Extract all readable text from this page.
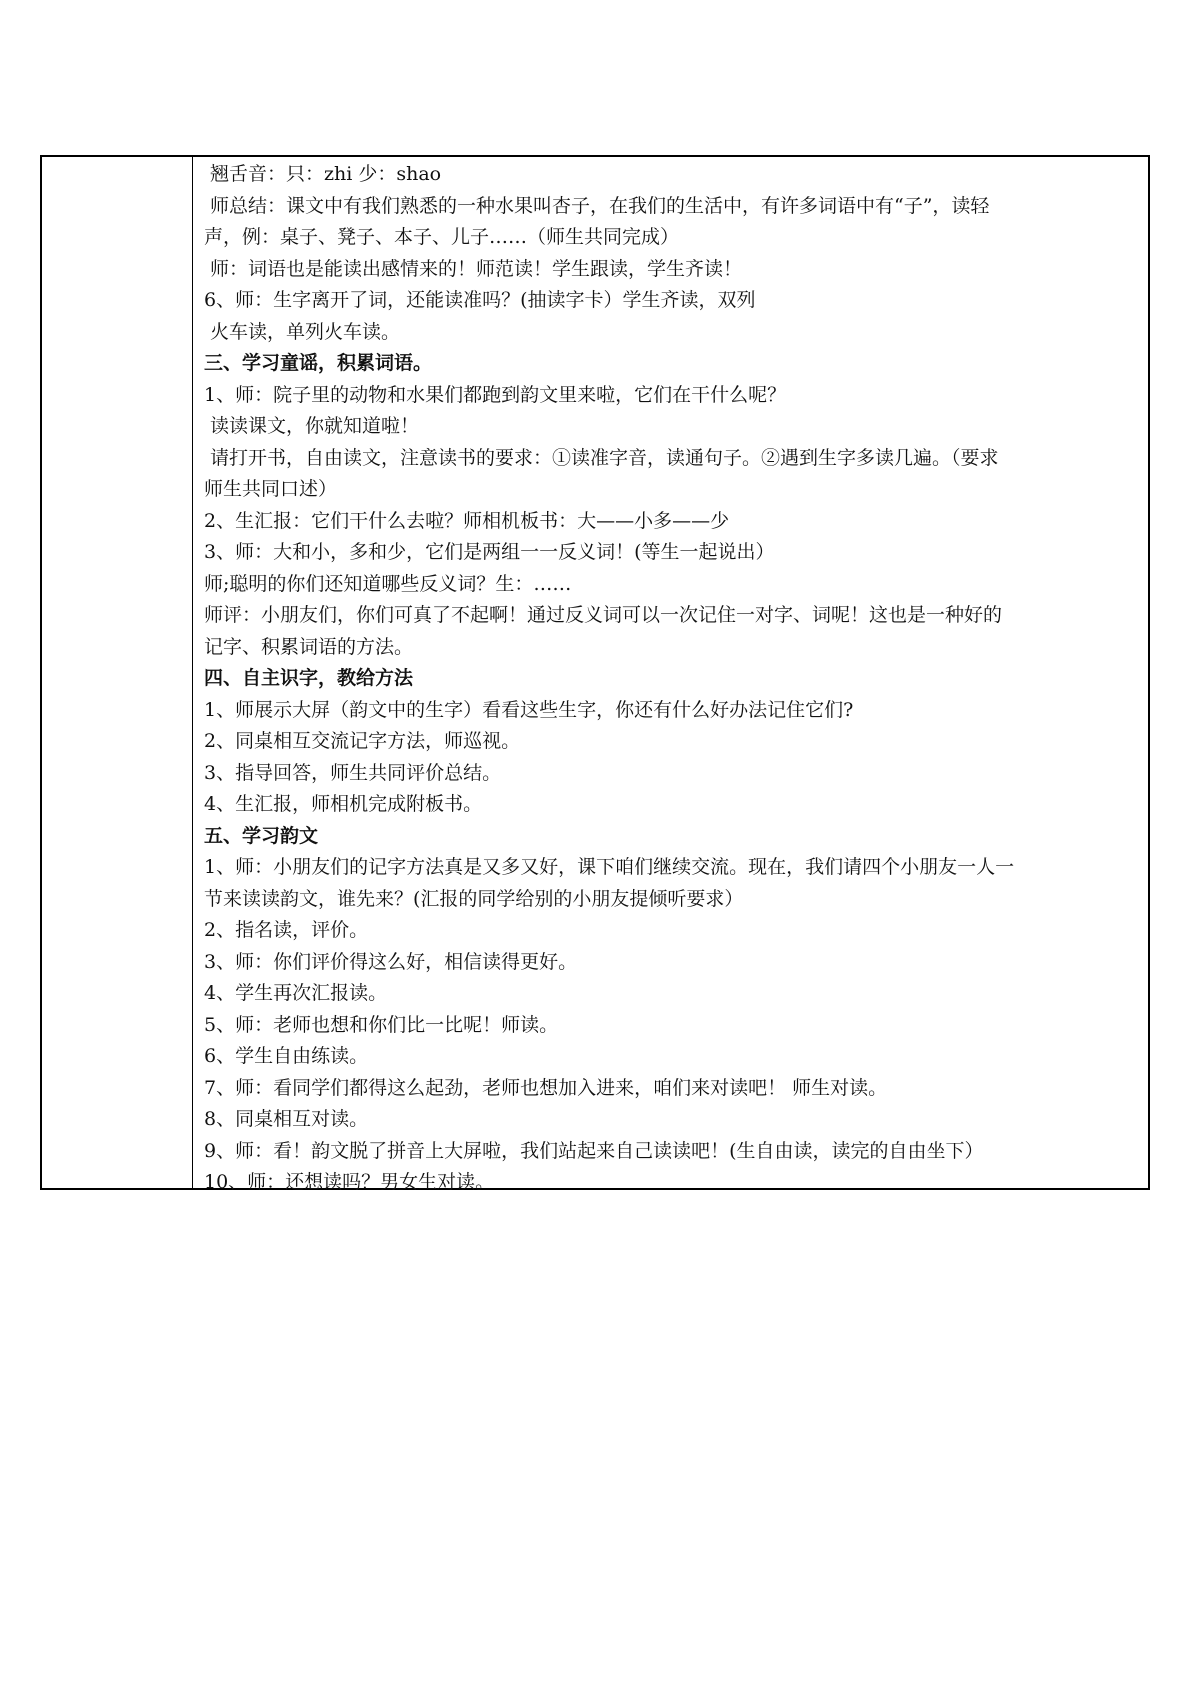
翘舌音：只：zhi 少：shao
师总结：课文中有我们熟悉的一种水果叫杏子，在我们的生活中，有许多词语中有“子”，读轻
声，例：桌子、凳子、本子、儿子……（师生共同完成）
师：词语也是能读出感情来的！师范读！学生跟读，学生齐读！
6、师：生字离开了词，还能读准吗？(抽读字卡）学生齐读，双列
火车读，单列火车读。
三、学习童谣，积累词语。
1、师：院子里的动物和水果们都跑到韵文里来啦，它们在干什么呢？
读读课文，你就知道啦！
请打开书，自由读文，注意读书的要求：①读准字音，读通句子。②遇到生字多读几遍。（要求
师生共同口述）
2、生汇报：它们干什么去啦？师相机板书：大——小多——少
3、师：大和小，多和少，它们是两组一一反义词！(等生一起说出）
师;聪明的你们还知道哪些反义词？生：……
师评：小朋友们，你们可真了不起啊！通过反义词可以一次记住一对字、词呢！这也是一种好的
记字、积累词语的方法。
四、自主识字，教给方法
1、师展示大屏（韵文中的生字）看看这些生字，你还有什么好办法记住它们?
2、同桌相互交流记字方法，师巡视。
3、指导回答，师生共同评价总结。
4、生汇报，师相机完成附板书。
五、学习韵文
1、师：小朋友们的记字方法真是又多又好，课下咱们继续交流。现在，我们请四个小朋友一人一
节来读读韵文，谁先来？(汇报的同学给别的小朋友提倾听要求）
2、指名读，评价。
3、师：你们评价得这么好，相信读得更好。
4、学生再次汇报读。
5、师：老师也想和你们比一比呢！师读。
6、学生自由练读。
7、师：看同学们都得这么起劲，老师也想加入进来，咱们来对读吧！ 师生对读。
8、同桌相互对读。
9、师：看！韵文脱了拼音上大屏啦，我们站起来自己读读吧！(生自由读，读完的自由坐下）
10、师：还想读吗？男女生对读。
